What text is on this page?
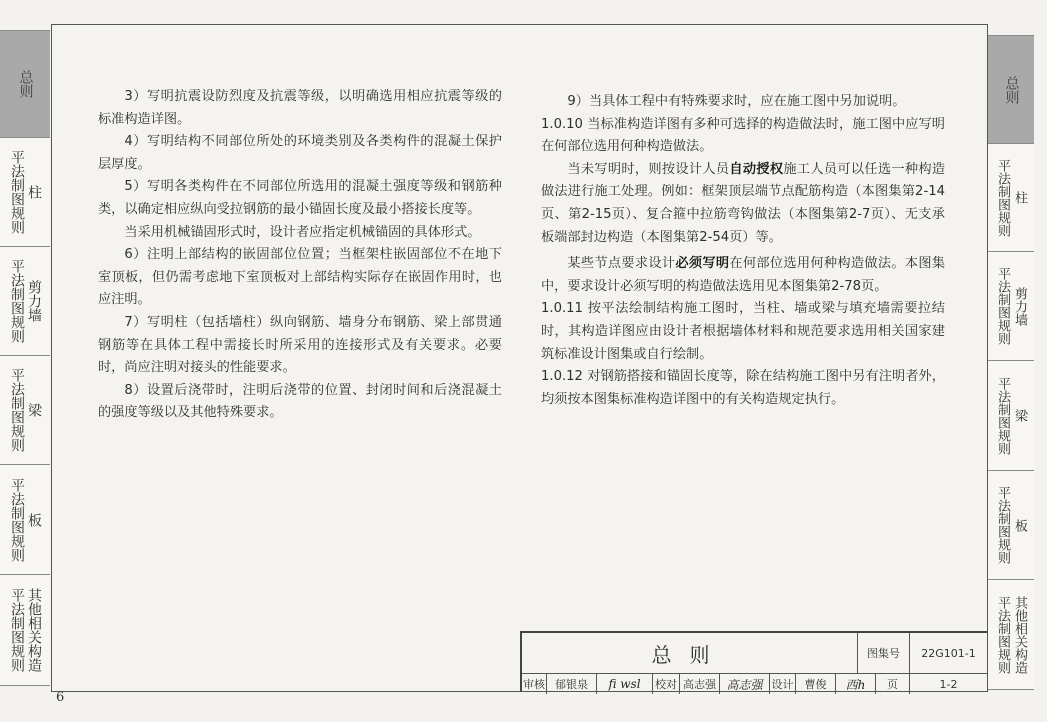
总则
平法制图规则 柱
平法制图规则 剪力墙
平法制图规则 梁
平法制图规则 板
平法制图规则 其他相关构造

3）写明抗震设防烈度及抗震等级，以明确选用相应抗震等级的标准构造详图。

4）写明结构不同部位所处的环境类别及各类构件的混凝土保护层厚度。

5）写明各类构件在不同部位所选用的混凝土强度等级和钢筋种类，以确定相应纵向受拉钢筋的最小锚固长度及最小搭接长度等。

当采用机械锚固形式时，设计者应指定机械锚固的具体形式。

6）注明上部结构的嵌固部位位置；当框架柱嵌固部位不在地下室顶板，但仍需考虑地下室顶板对上部结构实际存在嵌固作用时，也应注明。

7）写明柱（包括墙柱）纵向钢筋、墙身分布钢筋、梁上部贯通钢筋等在具体工程中需接长时所采用的连接形式及有关要求。必要时，尚应注明对接头的性能要求。

8）设置后浇带时，注明后浇带的位置、封闭时间和后浇混凝土的强度等级以及其他特殊要求。

9）当具体工程中有特殊要求时，应在施工图中另加说明。

1.0.10 当标准构造详图有多种可选择的构造做法时，施工图中应写明在何部位选用何种构造做法。

当未写明时，则按设计人员自动授权施工人员可以任选一种构造做法进行施工处理。例如：框架顶层端节点配筋构造（本图集第2-14页、第2-15页）、复合箍中拉筋弯钩做法（本图集第2-7页）、无支承板端部封边构造（本图集第2-54页）等。

某些节点要求设计必须写明在何部位选用何种构造做法。本图集中，要求设计必须写明的构造做法选用见本图集第2-78页。

1.0.11 按平法绘制结构施工图时，当柱、墙或梁与填充墙需要拉结时，其构造详图应由设计者根据墙体材料和规范要求选用相关国家建筑标准设计图集或自行绘制。

1.0.12 对钢筋搭接和锚固长度等，除在结构施工图中另有注明者外，均须按本图集标准构造详图中的有关构造规定执行。

总则	图集号	22G101-1
审核 郁银泉	fi wsl	校对 高志强 高志强 设计	曹俊	西h	页	1-2
总则
平法制图规则 柱
平法制图规则 剪力墙
平法制图规则 梁
平法制图规则 板
平法制图规则 其他相关构造
6
